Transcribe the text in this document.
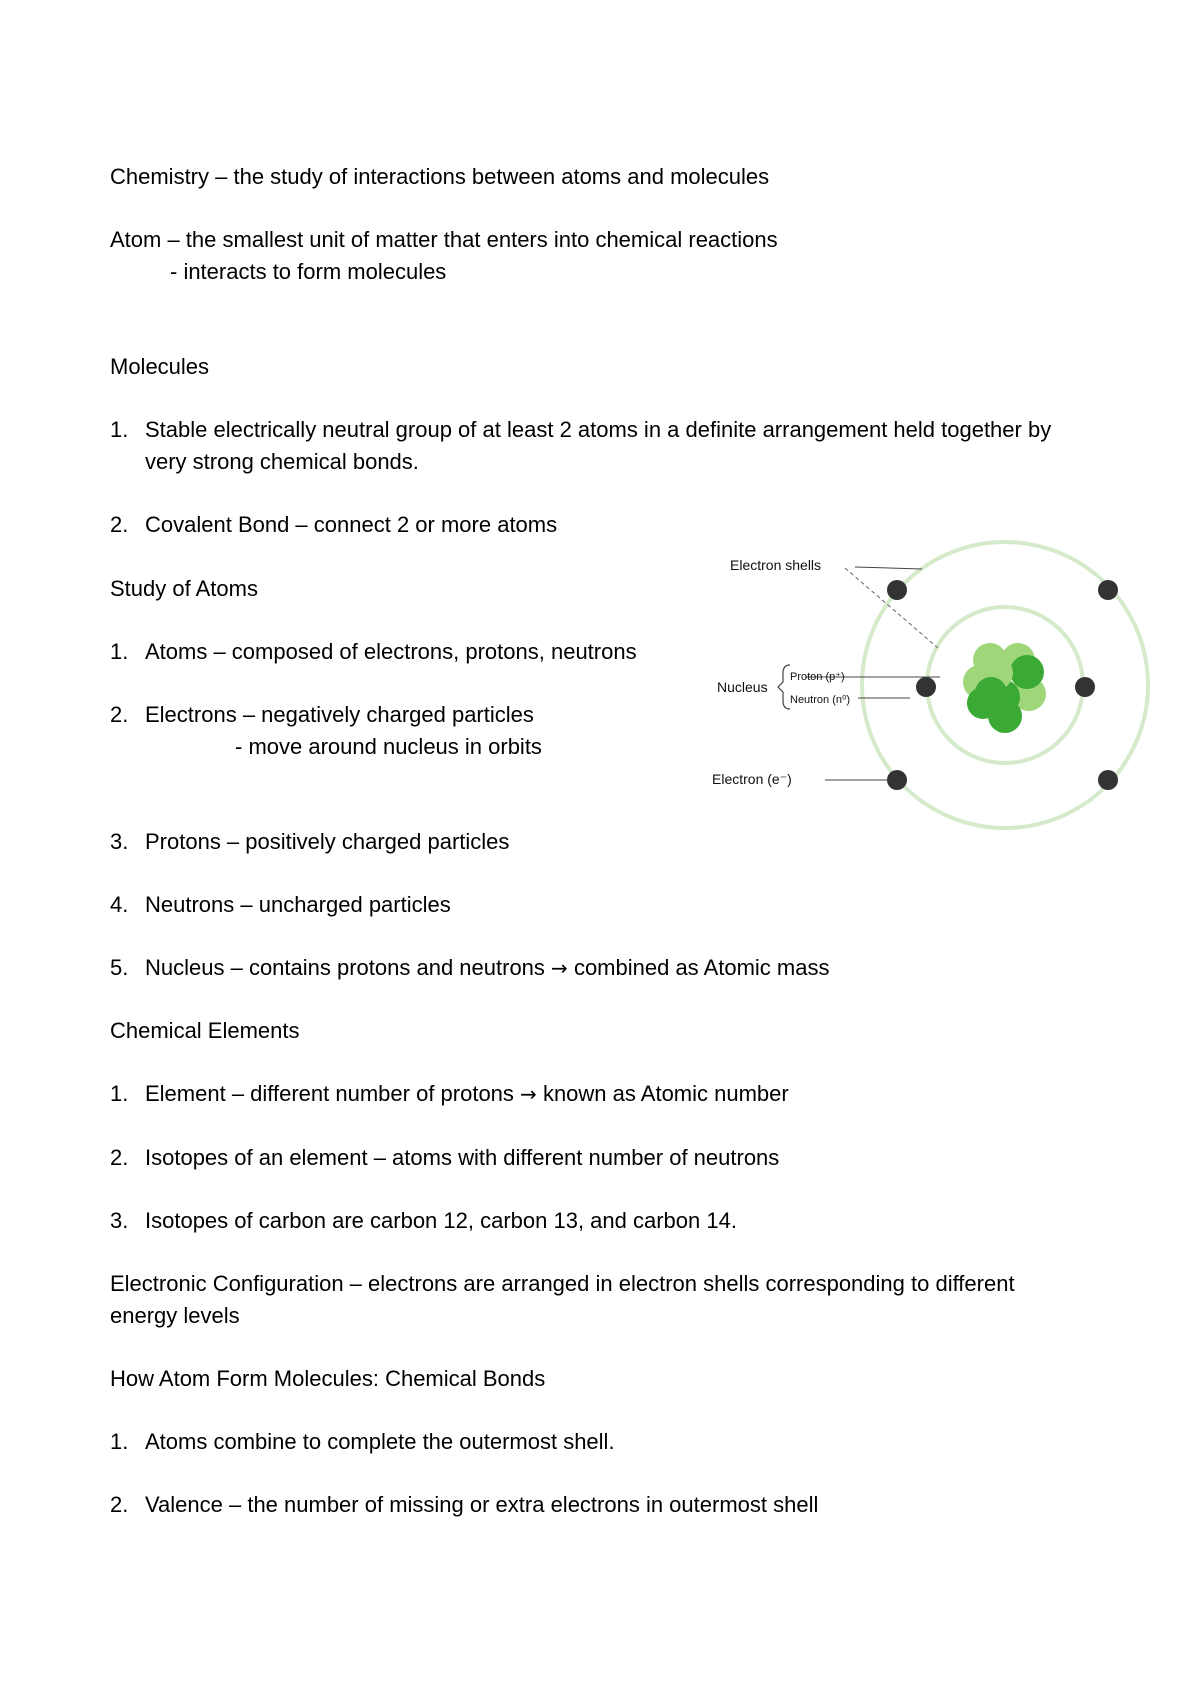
Chemistry – the study of interactions between atoms and molecules
Atom – the smallest unit of matter that enters into chemical reactions
- interacts to form molecules
Molecules
1. Stable electrically neutral group of at least 2 atoms in a definite arrangement held together by
very strong chemical bonds.
2. Covalent Bond – connect 2 or more atoms
Study of Atoms
1. Atoms – composed of electrons, protons, neutrons
2. Electrons – negatively charged particles
- move around nucleus in orbits
3. Protons – positively charged particles
4. Neutrons – uncharged particles
5. Nucleus – contains protons and neutrons → combined as Atomic mass
Chemical Elements
1. Element – different number of protons → known as Atomic number
2. Isotopes of an element – atoms with different number of neutrons
3. Isotopes of carbon are carbon 12, carbon 13, and carbon 14.
Electronic Configuration – electrons are arranged in electron shells corresponding to different
energy levels
How Atom Form Molecules: Chemical Bonds
1. Atoms combine to complete the outermost shell.
2. Valence – the number of missing or extra electrons in outermost shell
Electron shells
Nucleus
Proton (p⁺)
Neutron (n⁰)
Electron (e⁻)
